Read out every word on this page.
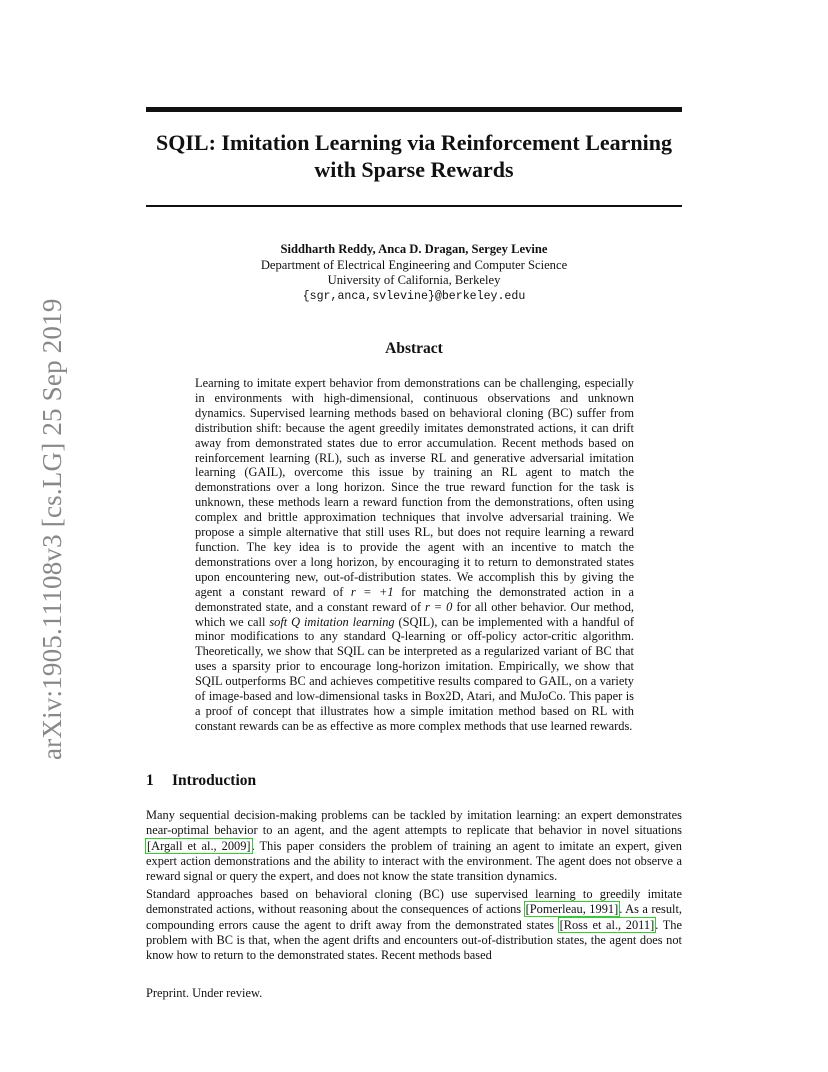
arXiv:1905.11108v3 [cs.LG] 25 Sep 2019
SQIL: Imitation Learning via Reinforcement Learning with Sparse Rewards
Siddharth Reddy, Anca D. Dragan, Sergey Levine
Department of Electrical Engineering and Computer Science
University of California, Berkeley
{sgr,anca,svlevine}@berkeley.edu
Abstract

Learning to imitate expert behavior from demonstrations can be challenging, especially in environments with high-dimensional, continuous observations and unknown dynamics. Supervised learning methods based on behavioral cloning (BC) suffer from distribution shift: because the agent greedily imitates demonstrated actions, it can drift away from demonstrated states due to error accumulation. Recent methods based on reinforcement learning (RL), such as inverse RL and generative adversarial imitation learning (GAIL), overcome this issue by training an RL agent to match the demonstrations over a long horizon. Since the true reward function for the task is unknown, these methods learn a reward function from the demonstrations, often using complex and brittle approximation techniques that involve adversarial training. We propose a simple alternative that still uses RL, but does not require learning a reward function. The key idea is to provide the agent with an incentive to match the demonstrations over a long horizon, by encouraging it to return to demonstrated states upon encountering new, out-of-distribution states. We accomplish this by giving the agent a constant reward of r = +1 for matching the demonstrated action in a demonstrated state, and a constant reward of r = 0 for all other behavior. Our method, which we call soft Q imitation learning (SQIL), can be implemented with a handful of minor modifications to any standard Q-learning or off-policy actor-critic algorithm. Theoretically, we show that SQIL can be interpreted as a regularized variant of BC that uses a sparsity prior to encourage long-horizon imitation. Empirically, we show that SQIL outperforms BC and achieves competitive results compared to GAIL, on a variety of image-based and low-dimensional tasks in Box2D, Atari, and MuJoCo. This paper is a proof of concept that illustrates how a simple imitation method based on RL with constant rewards can be as effective as more complex methods that use learned rewards.

1 Introduction

Many sequential decision-making problems can be tackled by imitation learning: an expert demonstrates near-optimal behavior to an agent, and the agent attempts to replicate that behavior in novel situations [Argall et al., 2009]. This paper considers the problem of training an agent to imitate an expert, given expert action demonstrations and the ability to interact with the environment. The agent does not observe a reward signal or query the expert, and does not know the state transition dynamics.

Standard approaches based on behavioral cloning (BC) use supervised learning to greedily imitate demonstrated actions, without reasoning about the consequences of actions [Pomerleau, 1991]. As a result, compounding errors cause the agent to drift away from the demonstrated states [Ross et al., 2011]. The problem with BC is that, when the agent drifts and encounters out-of-distribution states, the agent does not know how to return to the demonstrated states. Recent methods based

Preprint. Under review.
